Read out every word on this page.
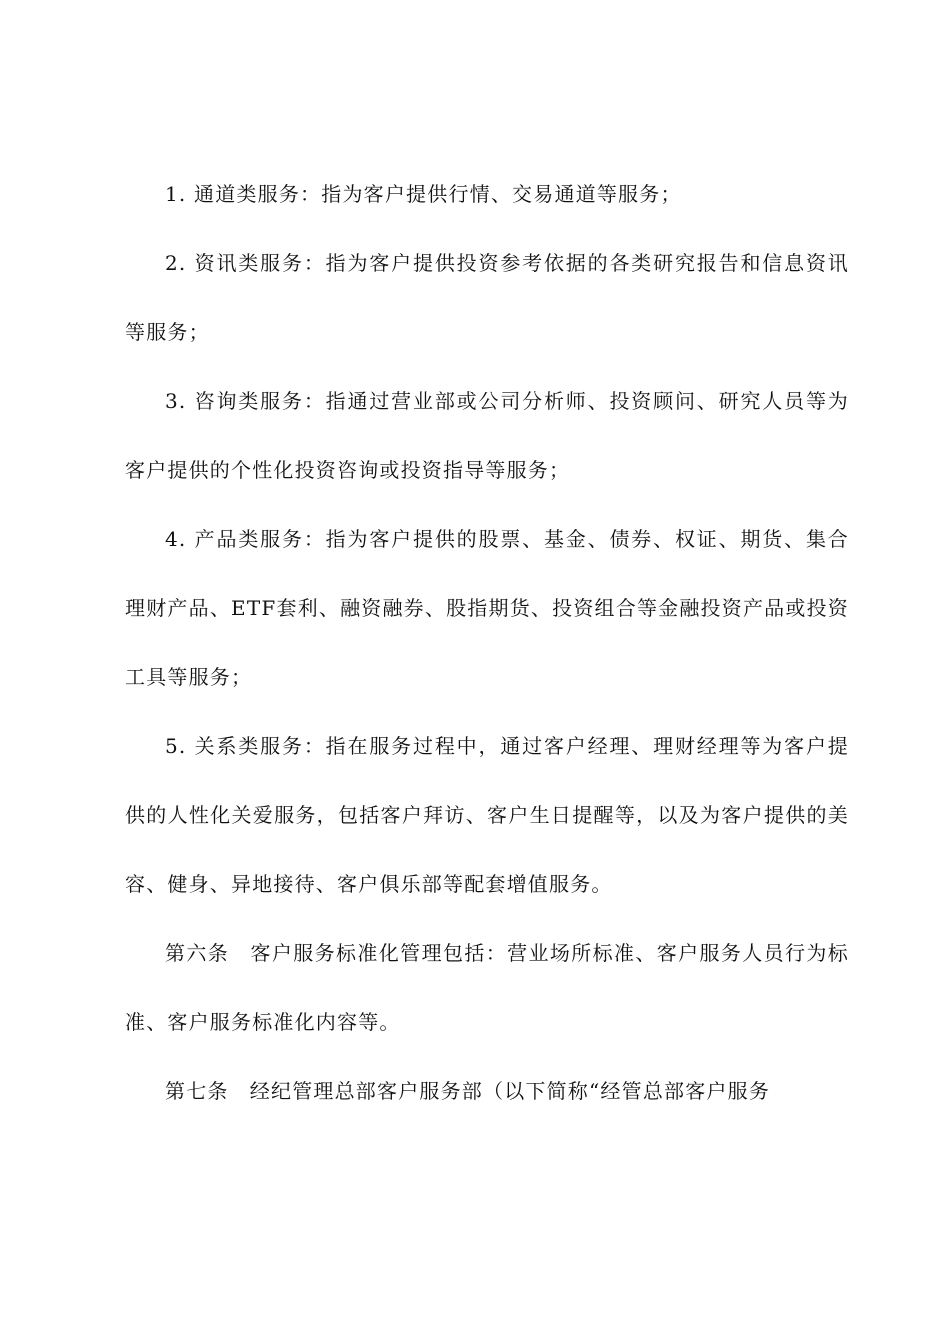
1. 通道类服务：指为客户提供行情、交易通道等服务；

2. 资讯类服务：指为客户提供投资参考依据的各类研究报告和信息资讯等服务；

3. 咨询类服务：指通过营业部或公司分析师、投资顾问、研究人员等为客户提供的个性化投资咨询或投资指导等服务；

4. 产品类服务：指为客户提供的股票、基金、债券、权证、期货、集合理财产品、ETF套利、融资融券、股指期货、投资组合等金融投资产品或投资工具等服务；

5. 关系类服务：指在服务过程中，通过客户经理、理财经理等为客户提供的人性化关爱服务，包括客户拜访、客户生日提醒等，以及为客户提供的美容、健身、异地接待、客户俱乐部等配套增值服务。

第六条　客户服务标准化管理包括：营业场所标准、客户服务人员行为标准、客户服务标准化内容等。

第七条　经纪管理总部客户服务部（以下简称“经管总部客户服务
